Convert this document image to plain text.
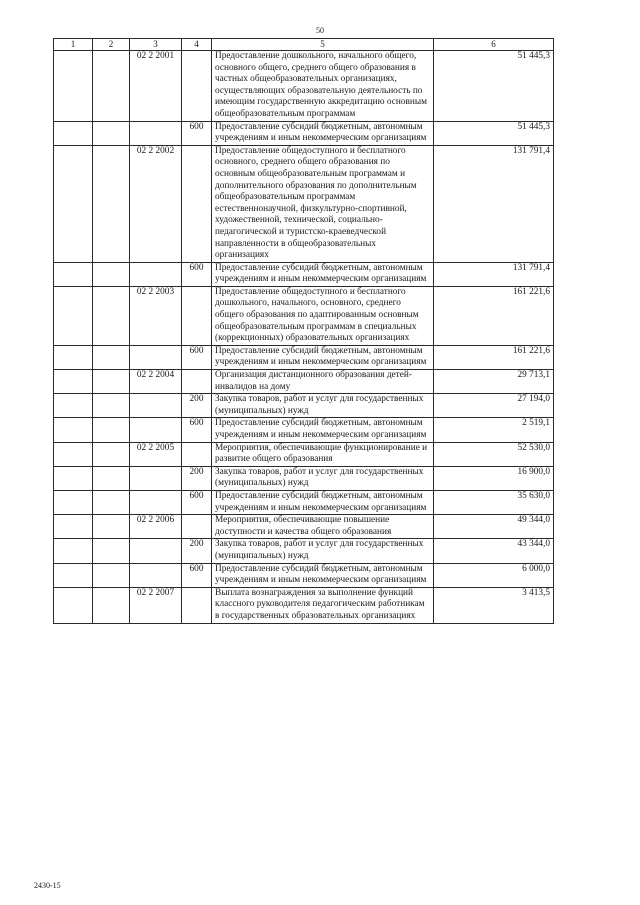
50
1	2	3	4	5	6
		02 2 2001		Предоставление дошкольного, начального общего, основного общего, среднего общего образования в частных общеобразовательных организациях, осуществляющих образовательную деятельность по имеющим государственную аккредитацию основным общеобразовательным программам	51 445,3
			600	Предоставление субсидий бюджетным, автономным учреждениям и иным некоммерческим организациям	51 445,3
		02 2 2002		Предоставление общедоступного и бесплатного основного, среднего общего образования по основным общеобразовательным программам и дополнительного образования по дополнительным общеобразовательным программам естественнонаучной, физкультурно-спортивной, художественной, технической, социально-педагогической и туристско-краеведческой направленности в общеобразовательных организациях	131 791,4
			600	Предоставление субсидий бюджетным, автономным учреждениям и иным некоммерческим организациям	131 791,4
		02 2 2003		Предоставление общедоступного и бесплатного дошкольного, начального, основного, среднего общего образования по адаптированным основным общеобразовательным программам в специальных (коррекционных) образовательных организациях	161 221,6
			600	Предоставление субсидий бюджетным, автономным учреждениям и иным некоммерческим организациям	161 221,6
		02 2 2004		Организация дистанционного образования детей-инвалидов на дому	29 713,1
			200	Закупка товаров, работ и услуг для государственных (муниципальных) нужд	27 194,0
			600	Предоставление субсидий бюджетным, автономным учреждениям и иным некоммерческим организациям	2 519,1
		02 2 2005		Мероприятия, обеспечивающие функционирование и развитие общего образования	52 530,0
			200	Закупка товаров, работ и услуг для государственных (муниципальных) нужд	16 900,0
			600	Предоставление субсидий бюджетным, автономным учреждениям и иным некоммерческим организациям	35 630,0
		02 2 2006		Мероприятия, обеспечивающие повышение доступности и качества общего образования	49 344,0
			200	Закупка товаров, работ и услуг для государственных (муниципальных) нужд	43 344,0
			600	Предоставление субсидий бюджетным, автономным учреждениям и иным некоммерческим организациям	6 000,0
		02 2 2007		Выплата вознаграждения за выполнение функций классного руководителя педагогическим работникам в государственных образовательных организациях	3 413,5
2430-15
